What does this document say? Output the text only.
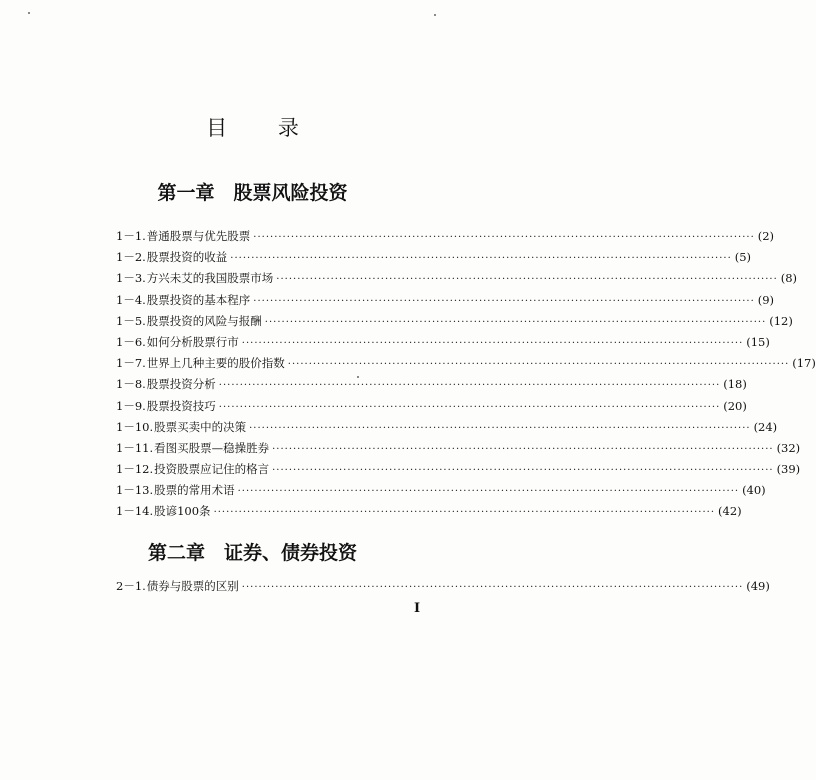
目 录
第一章　股票风险投资
1－1. 普通股票与优先股票 ························································································································ (2)
1－2. 股票投资的收益 ························································································································ (5)
1－3. 方兴未艾的我国股票市场 ························································································································ (8)
1－4. 股票投资的基本程序 ························································································································ (9)
1－5. 股票投资的风险与报酬 ························································································································ (12)
1－6. 如何分析股票行市 ························································································································ (15)
1－7. 世界上几种主要的股价指数 ························································································································ (17)
1－8. 股票投资分析 ························································································································ (18)
1－9. 股票投资技巧 ························································································································ (20)
1－10. 股票买卖中的决策 ························································································································ (24)
1－11. 看图买股票—稳操胜券 ························································································································ (32)
1－12. 投资股票应记住的格言 ························································································································ (39)
1－13. 股票的常用术语 ························································································································ (40)
1－14. 股谚100条 ························································································································ (42)
第二章　证券、债券投资
2－1. 债券与股票的区别 ························································································································ (49)
I
